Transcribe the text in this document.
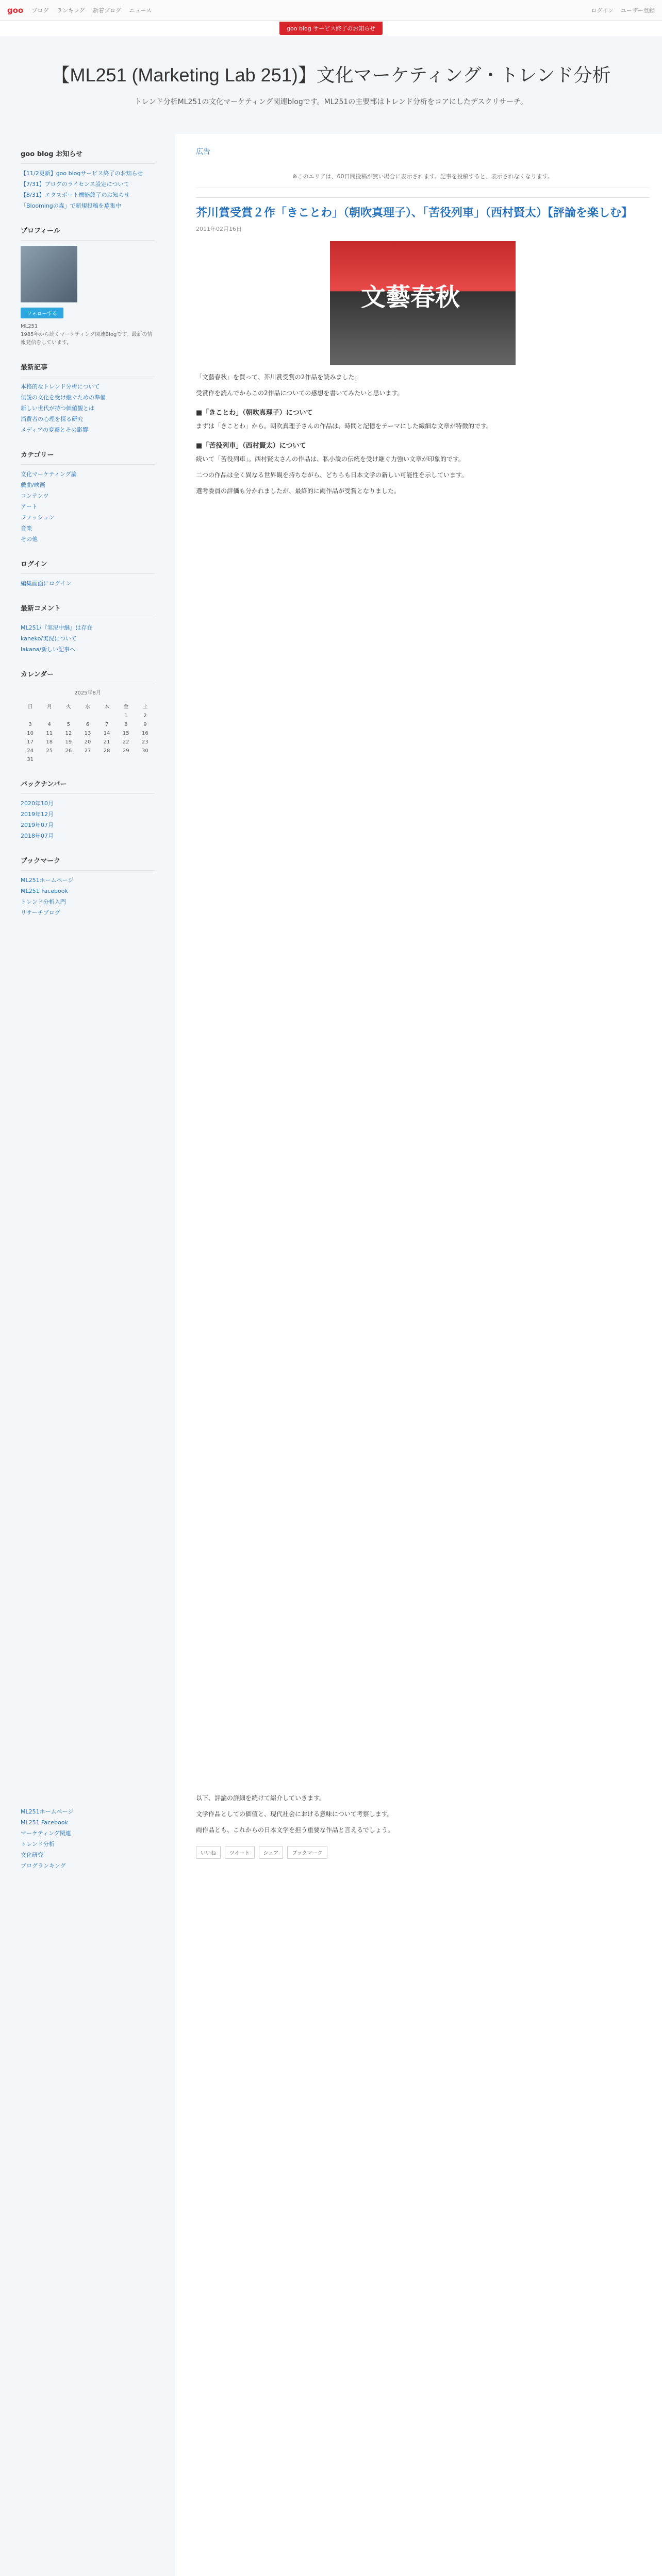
goo ブログ ランキング 新着ブログ ニュース	ログイン ユーザー登録
goo blog サービス終了のお知らせ
【ML251 (Marketing Lab 251)】文化マーケティング・トレンド分析
トレンド分析ML251の文化マーケティング関連blogです。ML251の主要部はトレンド分析をコアにしたデスクリサーチ。
goo blog お知らせ
【11/2更新】goo blogサービス終了のお知らせ
【7/31】ブログのライセンス設定について
【8/31】エクスポート機能終了のお知らせ
「Bloomingの森」で新規投稿を募集中
プロフィール
フォローする
ML251
1985年から続くマーケティング関連Blogです。最新の情報発信をしています。
最新記事
本格的なトレンド分析について
伝説の文化を受け継ぐための準備
新しい世代が持つ価値観とは
消費者の心理を探る研究
メディアの変遷とその影響
カテゴリー
文化マーケティング論
戯曲/映画
コンテンツ
アート
ファッション
音楽
その他
ログイン
編集画面にログイン
最新コメント
ML251/『実況中継』は存在
kaneko/実況について
lakana/新しい記事へ
カレンダー
2025年8月
日	月	火	水	木	金	土
					1	2
3	4	5	6	7	8	9
10	11	12	13	14	15	16
17	18	19	20	21	22	23
24	25	26	27	28	29	30
31						
バックナンバー
2020年10月
2019年12月
2019年07月
2018年07月
ブックマーク
ML251ホームページ
ML251 Facebook
トレンド分析入門
リサーチブログ
広告
※このエリアは、60日間投稿が無い場合に表示されます。記事を投稿すると、表示されなくなります。
芥川賞受賞２作「きことわ」（朝吹真理子）、「苦役列車」（西村賢太）【評論を楽しむ】
2011年02月16日
文藝春秋

「文藝春秋」を買って、芥川賞受賞の2作品を読みました。

受賞作を読んでからこの2作品についての感想を書いてみたいと思います。

■「きことわ」（朝吹真理子）について

まずは「きことわ」から。朝吹真理子さんの作品は、時間と記憶をテーマにした繊細な文章が特徴的です。

■「苦役列車」（西村賢太）について

続いて「苦役列車」。西村賢太さんの作品は、私小説の伝統を受け継ぐ力強い文章が印象的です。

二つの作品は全く異なる世界観を持ちながら、どちらも日本文学の新しい可能性を示しています。

選考委員の評価も分かれましたが、最終的に両作品が受賞となりました。

ML251ホームページ
ML251 Facebook
マーケティング関連
トレンド分析
文化研究
ブログランキング

以下、評論の詳細を続けて紹介していきます。

文学作品としての価値と、現代社会における意味について考察します。

両作品とも、これからの日本文学を担う重要な作品と言えるでしょう。

いいね	ツイート	シェア	ブックマーク
